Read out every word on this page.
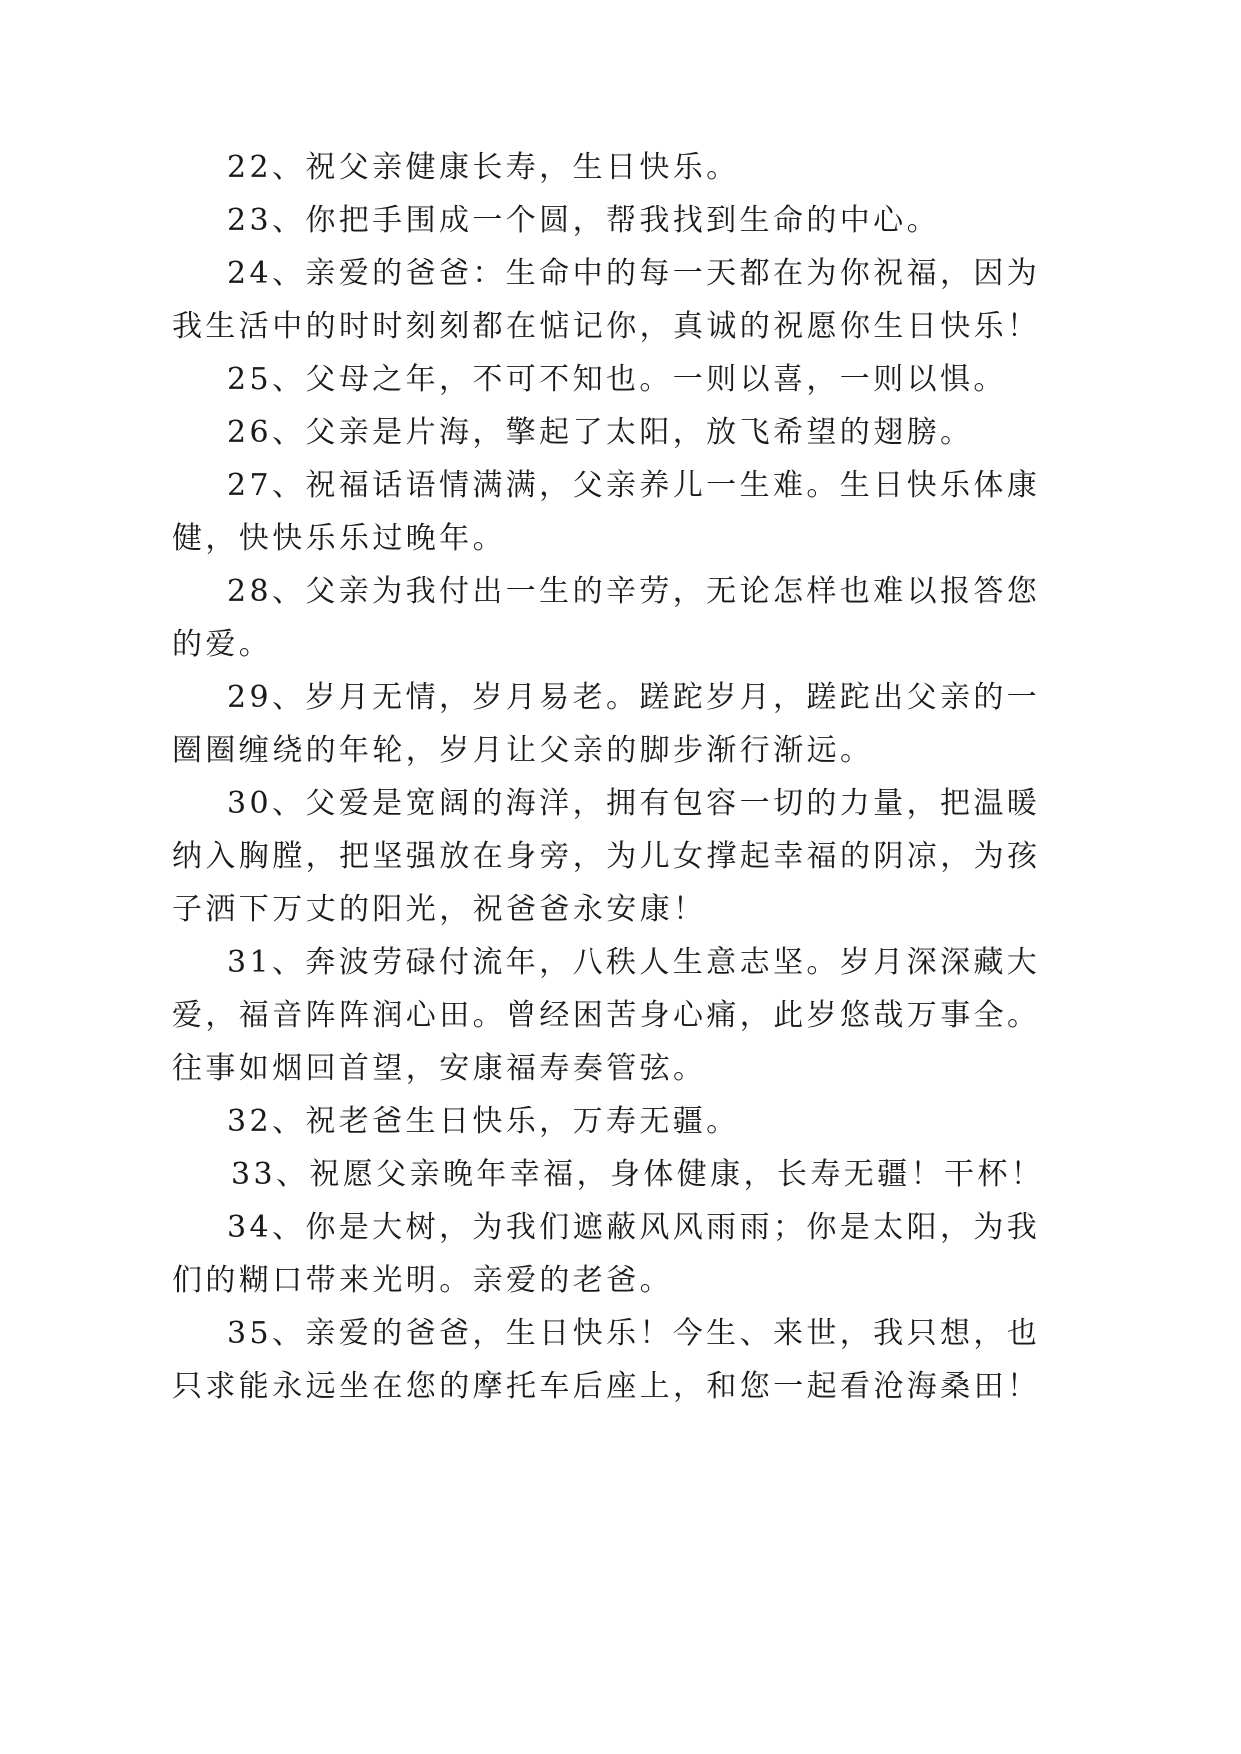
22、祝父亲健康长寿，生日快乐。
23、你把手围成一个圆，帮我找到生命的中心。
24、亲爱的爸爸：生命中的每一天都在为你祝福，因为
我生活中的时时刻刻都在惦记你，真诚的祝愿你生日快乐！
25、父母之年，不可不知也。一则以喜，一则以惧。
26、父亲是片海，擎起了太阳，放飞希望的翅膀。
27、祝福话语情满满，父亲养儿一生难。生日快乐体康
健，快快乐乐过晚年。
28、父亲为我付出一生的辛劳，无论怎样也难以报答您
的爱。
29、岁月无情，岁月易老。蹉跎岁月，蹉跎出父亲的一
圈圈缠绕的年轮，岁月让父亲的脚步渐行渐远。
30、父爱是宽阔的海洋，拥有包容一切的力量，把温暖
纳入胸膛，把坚强放在身旁，为儿女撑起幸福的阴凉，为孩
子洒下万丈的阳光，祝爸爸永安康！
31、奔波劳碌付流年，八秩人生意志坚。岁月深深藏大
爱，福音阵阵润心田。曾经困苦身心痛，此岁悠哉万事全。
往事如烟回首望，安康福寿奏管弦。
32、祝老爸生日快乐，万寿无疆。
33、祝愿父亲晚年幸福，身体健康，长寿无疆！干杯！
34、你是大树，为我们遮蔽风风雨雨；你是太阳，为我
们的糊口带来光明。亲爱的老爸。
35、亲爱的爸爸，生日快乐！今生、来世，我只想，也
只求能永远坐在您的摩托车后座上，和您一起看沧海桑田！
